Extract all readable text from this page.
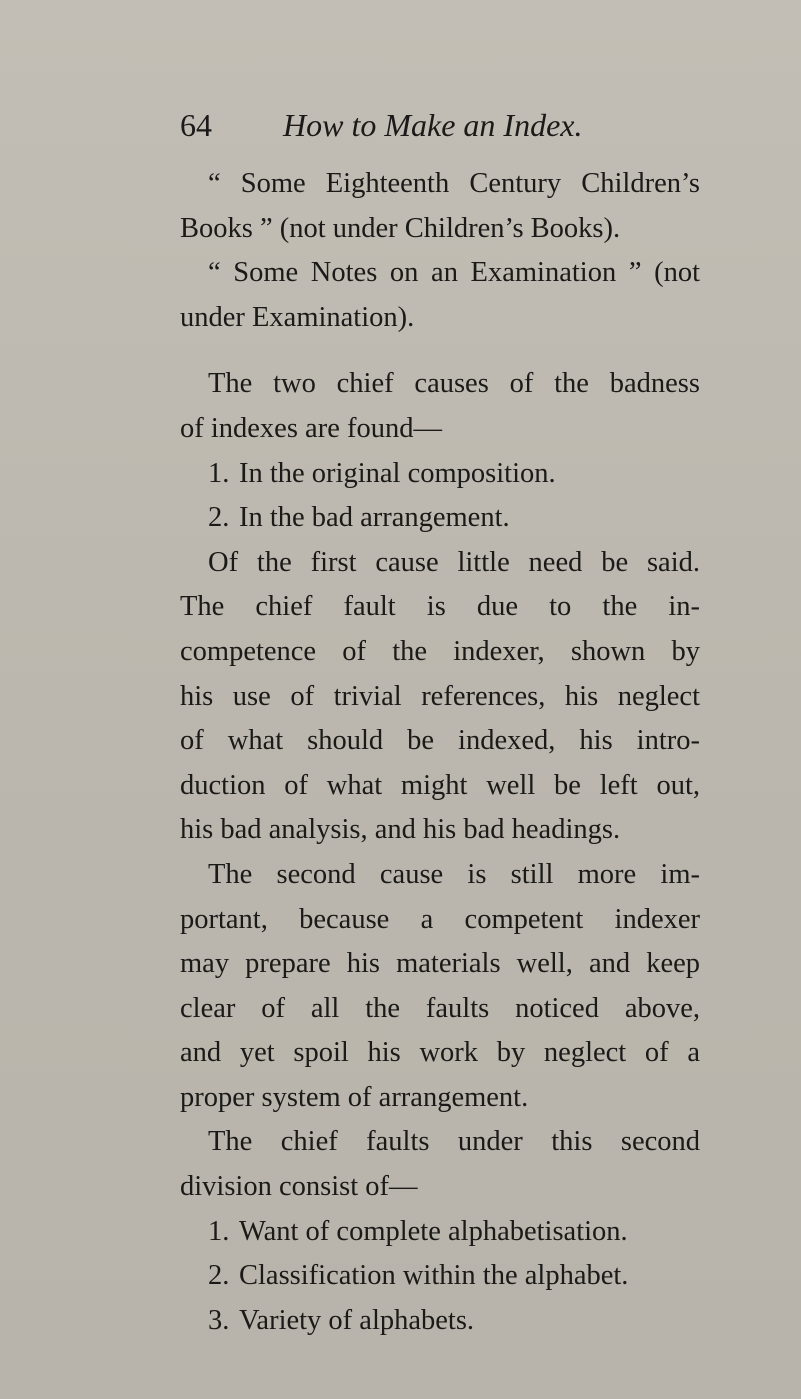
64 How to Make an Index.
“ Some Eighteenth Century Children’s
Books ” (not under Children’s Books).
“ Some Notes on an Examination ” (not
under Examination).
The two chief causes of the badness
of indexes are found—
1. In the original composition.
2. In the bad arrangement.
Of the first cause little need be said.
The chief fault is due to the in-
competence of the indexer, shown by
his use of trivial references, his neglect
of what should be indexed, his intro-
duction of what might well be left out,
his bad analysis, and his bad headings.
The second cause is still more im-
portant, because a competent indexer
may prepare his materials well, and keep
clear of all the faults noticed above,
and yet spoil his work by neglect of a
proper system of arrangement.
The chief faults under this second
division consist of—
1. Want of complete alphabetisation.
2. Classification within the alphabet.
3. Variety of alphabets.
